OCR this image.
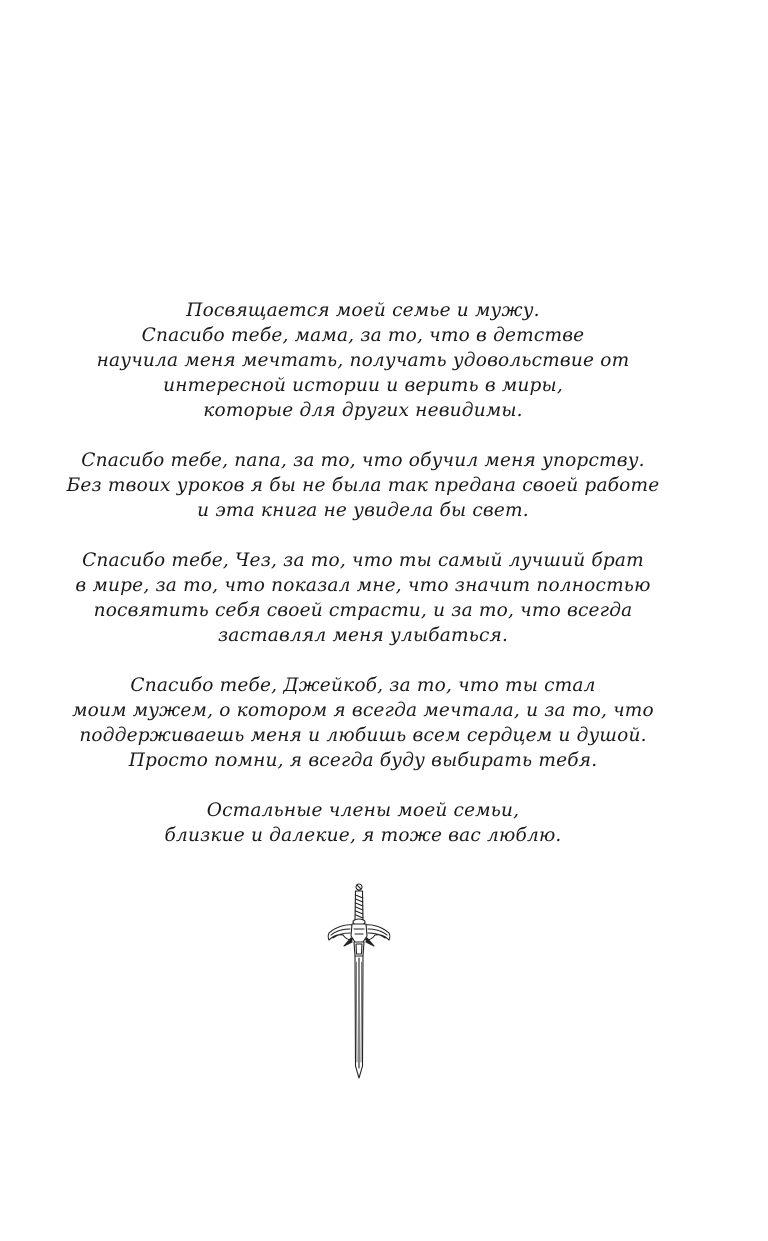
Посвящается моей семье и мужу.
Спасибо тебе, мама, за то, что в детстве
научила меня мечтать, получать удовольствие от
интересной истории и верить в миры,
которые для других невидимы.
Спасибо тебе, папа, за то, что обучил меня упорству.
Без твоих уроков я бы не была так предана своей работе
и эта книга не увидела бы свет.
Спасибо тебе, Чез, за то, что ты самый лучший брат
в мире, за то, что показал мне, что значит полностью
посвятить себя своей страсти, и за то, что всегда
заставлял меня улыбаться.
Спасибо тебе, Джейкоб, за то, что ты стал
моим мужем, о котором я всегда мечтала, и за то, что
поддерживаешь меня и любишь всем сердцем и душой.
Просто помни, я всегда буду выбирать тебя.
Остальные члены моей семьи,
близкие и далекие, я тоже вас люблю.
